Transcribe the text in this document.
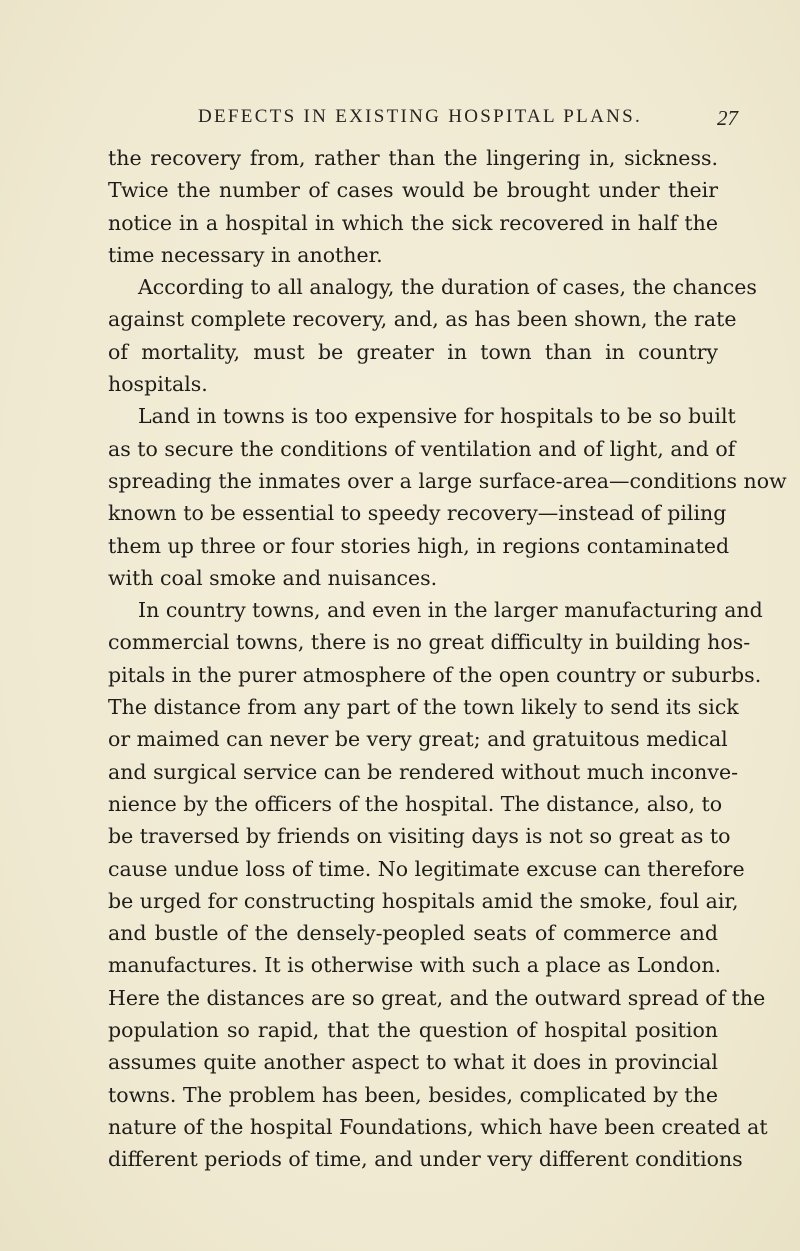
DEFECTS IN EXISTING HOSPITAL PLANS.	27
the recovery from, rather than the lingering in, sickness.
Twice the number of cases would be brought under their
notice in a hospital in which the sick recovered in half the
time necessary in another.
According to all analogy, the duration of cases, the chances
against complete recovery, and, as has been shown, the rate
of mortality, must be greater in town than in country
hospitals.
Land in towns is too expensive for hospitals to be so built
as to secure the conditions of ventilation and of light, and of
spreading the inmates over a large surface-area—conditions now
known to be essential to speedy recovery—instead of piling
them up three or four stories high, in regions contaminated
with coal smoke and nuisances.
In country towns, and even in the larger manufacturing and
commercial towns, there is no great difficulty in building hos-
pitals in the purer atmosphere of the open country or suburbs.
The distance from any part of the town likely to send its sick
or maimed can never be very great; and gratuitous medical
and surgical service can be rendered without much inconve-
nience by the officers of the hospital. The distance, also, to
be traversed by friends on visiting days is not so great as to
cause undue loss of time. No legitimate excuse can therefore
be urged for constructing hospitals amid the smoke, foul air,
and bustle of the densely-peopled seats of commerce and
manufactures. It is otherwise with such a place as London.
Here the distances are so great, and the outward spread of the
population so rapid, that the question of hospital position
assumes quite another aspect to what it does in provincial
towns. The problem has been, besides, complicated by the
nature of the hospital Foundations, which have been created at
different periods of time, and under very different conditions
